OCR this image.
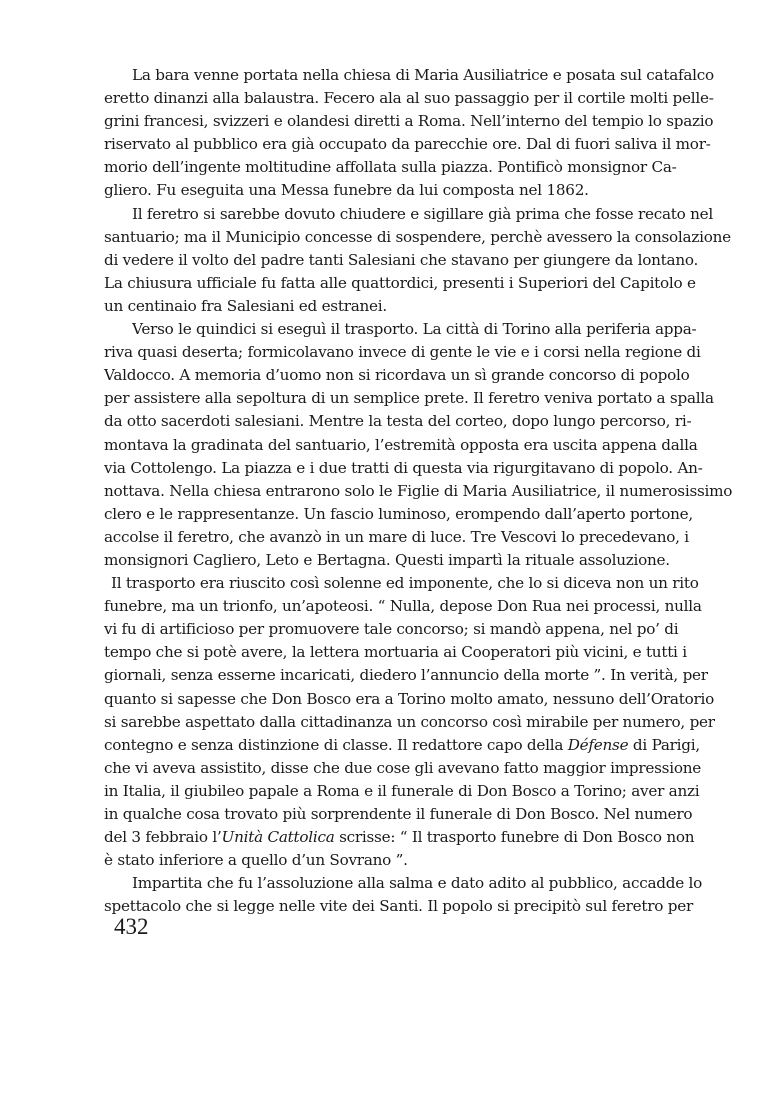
La bara venne portata nella chiesa di Maria Ausiliatrice e posata sul catafalco
eretto dinanzi alla balaustra. Fecero ala al suo passaggio per il cortile molti pelle-
grini francesi, svizzeri e olandesi diretti a Roma. Nell’interno del tempio lo spazio
riservato al pubblico era già occupato da parecchie ore. Dal di fuori saliva il mor-
morio dell’ingente moltitudine affollata sulla piazza. Pontificò monsignor Ca-
gliero. Fu eseguita una Messa funebre da lui composta nel 1862.
Il feretro si sarebbe dovuto chiudere e sigillare già prima che fosse recato nel
santuario; ma il Municipio concesse di sospendere, perchè avessero la consolazione
di vedere il volto del padre tanti Salesiani che stavano per giungere da lontano.
La chiusura ufficiale fu fatta alle quattordici, presenti i Superiori del Capitolo e
un centinaio fra Salesiani ed estranei.
Verso le quindici si eseguì il trasporto. La città di Torino alla periferia appa-
riva quasi deserta; formicolavano invece di gente le vie e i corsi nella regione di
Valdocco. A memoria d’uomo non si ricordava un sì grande concorso di popolo
per assistere alla sepoltura di un semplice prete. Il feretro veniva portato a spalla
da otto sacerdoti salesiani. Mentre la testa del corteo, dopo lungo percorso, ri-
montava la gradinata del santuario, l’estremità opposta era uscita appena dalla
via Cottolengo. La piazza e i due tratti di questa via rigurgitavano di popolo. An-
nottava. Nella chiesa entrarono solo le Figlie di Maria Ausiliatrice, il numerosissimo
clero e le rappresentanze. Un fascio luminoso, erompendo dall’aperto portone,
accolse il feretro, che avanzò in un mare di luce. Tre Vescovi lo precedevano, i
monsignori Cagliero, Leto e Bertagna. Questi impartì la rituale assoluzione.
Il trasporto era riuscito così solenne ed imponente, che lo si diceva non un rito
funebre, ma un trionfo, un’apoteosi. “ Nulla, depose Don Rua nei processi, nulla
vi fu di artificioso per promuovere tale concorso; si mandò appena, nel po’ di
tempo che si potè avere, la lettera mortuaria ai Cooperatori più vicini, e tutti i
giornali, senza esserne incaricati, diedero l’annuncio della morte ”. In verità, per
quanto si sapesse che Don Bosco era a Torino molto amato, nessuno dell’Oratorio
si sarebbe aspettato dalla cittadinanza un concorso così mirabile per numero, per
contegno e senza distinzione di classe. Il redattore capo della Défense di Parigi,
che vi aveva assistito, disse che due cose gli avevano fatto maggior impressione
in Italia, il giubileo papale a Roma e il funerale di Don Bosco a Torino; aver anzi
in qualche cosa trovato più sorprendente il funerale di Don Bosco. Nel numero
del 3 febbraio l’Unità Cattolica scrisse: “ Il trasporto funebre di Don Bosco non
è stato inferiore a quello d’un Sovrano ”.
Impartita che fu l’assoluzione alla salma e dato adito al pubblico, accadde lo
spettacolo che si legge nelle vite dei Santi. Il popolo si precipitò sul feretro per
432
